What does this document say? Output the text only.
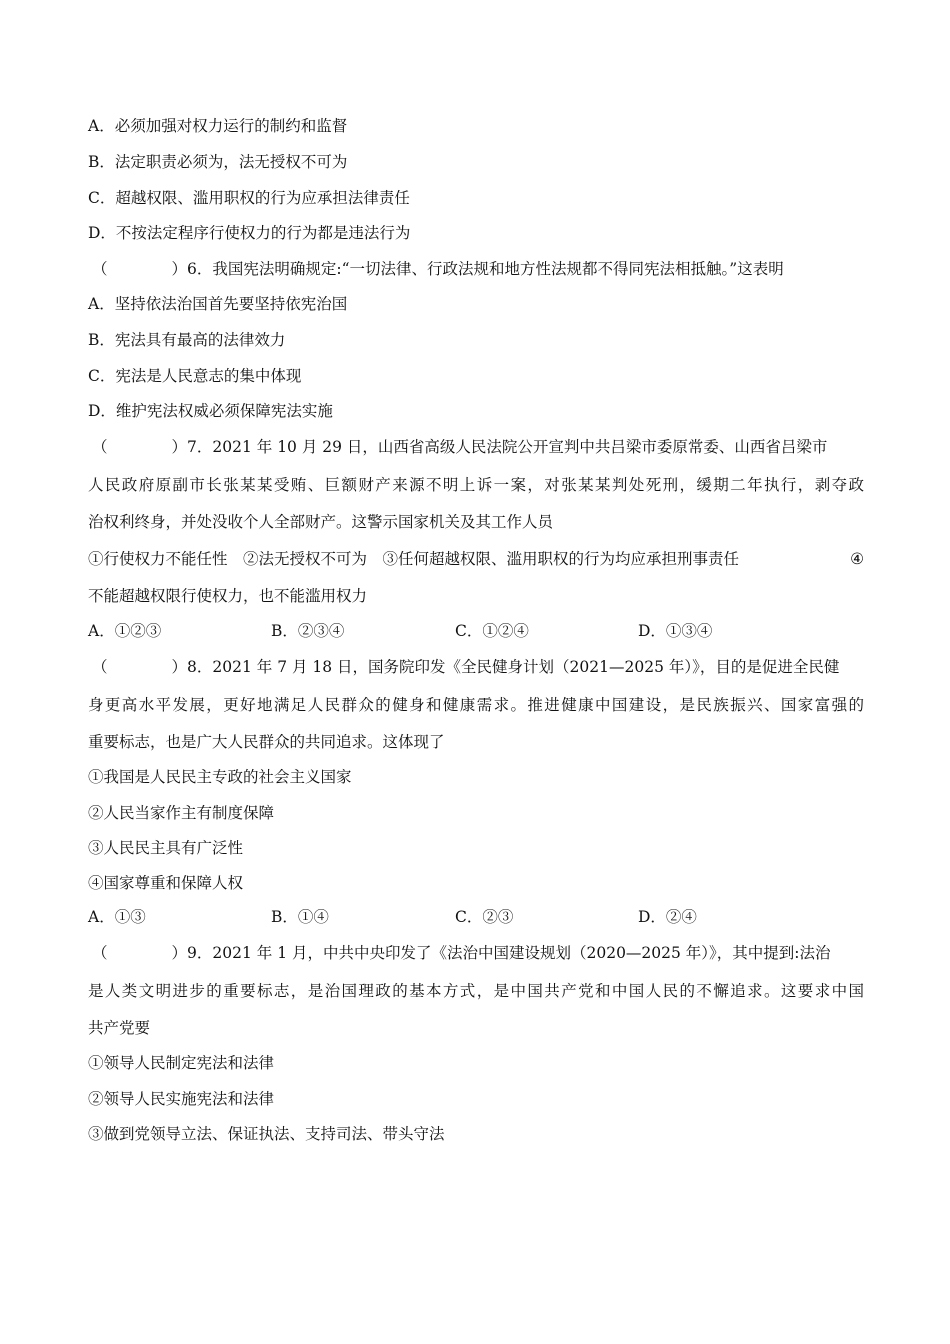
A．必须加强对权力运行的制约和监督
B．法定职责必须为，法无授权不可为
C．超越权限、滥用职权的行为应承担法律责任
D．不按法定程序行使权力的行为都是违法行为
（	）6．我国宪法明确规定:“一切法律、行政法规和地方性法规都不得同宪法相抵触。”这表明
A．坚持依法治国首先要坚持依宪治国
B．宪法具有最高的法律效力
C．宪法是人民意志的集中体现
D．维护宪法权威必须保障宪法实施
（	）7．2021 年 10 月 29 日，山西省高级人民法院公开宣判中共吕梁市委原常委、山西省吕梁市
人民政府原副市长张某某受贿、巨额财产来源不明上诉一案，对张某某判处死刑，缓期二年执行，剥夺政
治权利终身，并处没收个人全部财产。这警示国家机关及其工作人员
①行使权力不能任性　②法无授权不可为　③任何超越权限、滥用职权的行为均应承担刑事责任	④
不能超越权限行使权力，也不能滥用权力
A．①②③	B．②③④	C．①②④	D．①③④
（	）8．2021 年 7 月 18 日，国务院印发《全民健身计划（2021—2025 年）》，目的是促进全民健
身更高水平发展，更好地满足人民群众的健身和健康需求。推进健康中国建设，是民族振兴、国家富强的
重要标志，也是广大人民群众的共同追求。这体现了
①我国是人民民主专政的社会主义国家
②人民当家作主有制度保障
③人民民主具有广泛性
④国家尊重和保障人权
A．①③	B．①④	C．②③	D．②④
（	）9．2021 年 1 月，中共中央印发了《法治中国建设规划（2020—2025 年）》，其中提到:法治
是人类文明进步的重要标志，是治国理政的基本方式，是中国共产党和中国人民的不懈追求。这要求中国
共产党要
①领导人民制定宪法和法律
②领导人民实施宪法和法律
③做到党领导立法、保证执法、支持司法、带头守法
